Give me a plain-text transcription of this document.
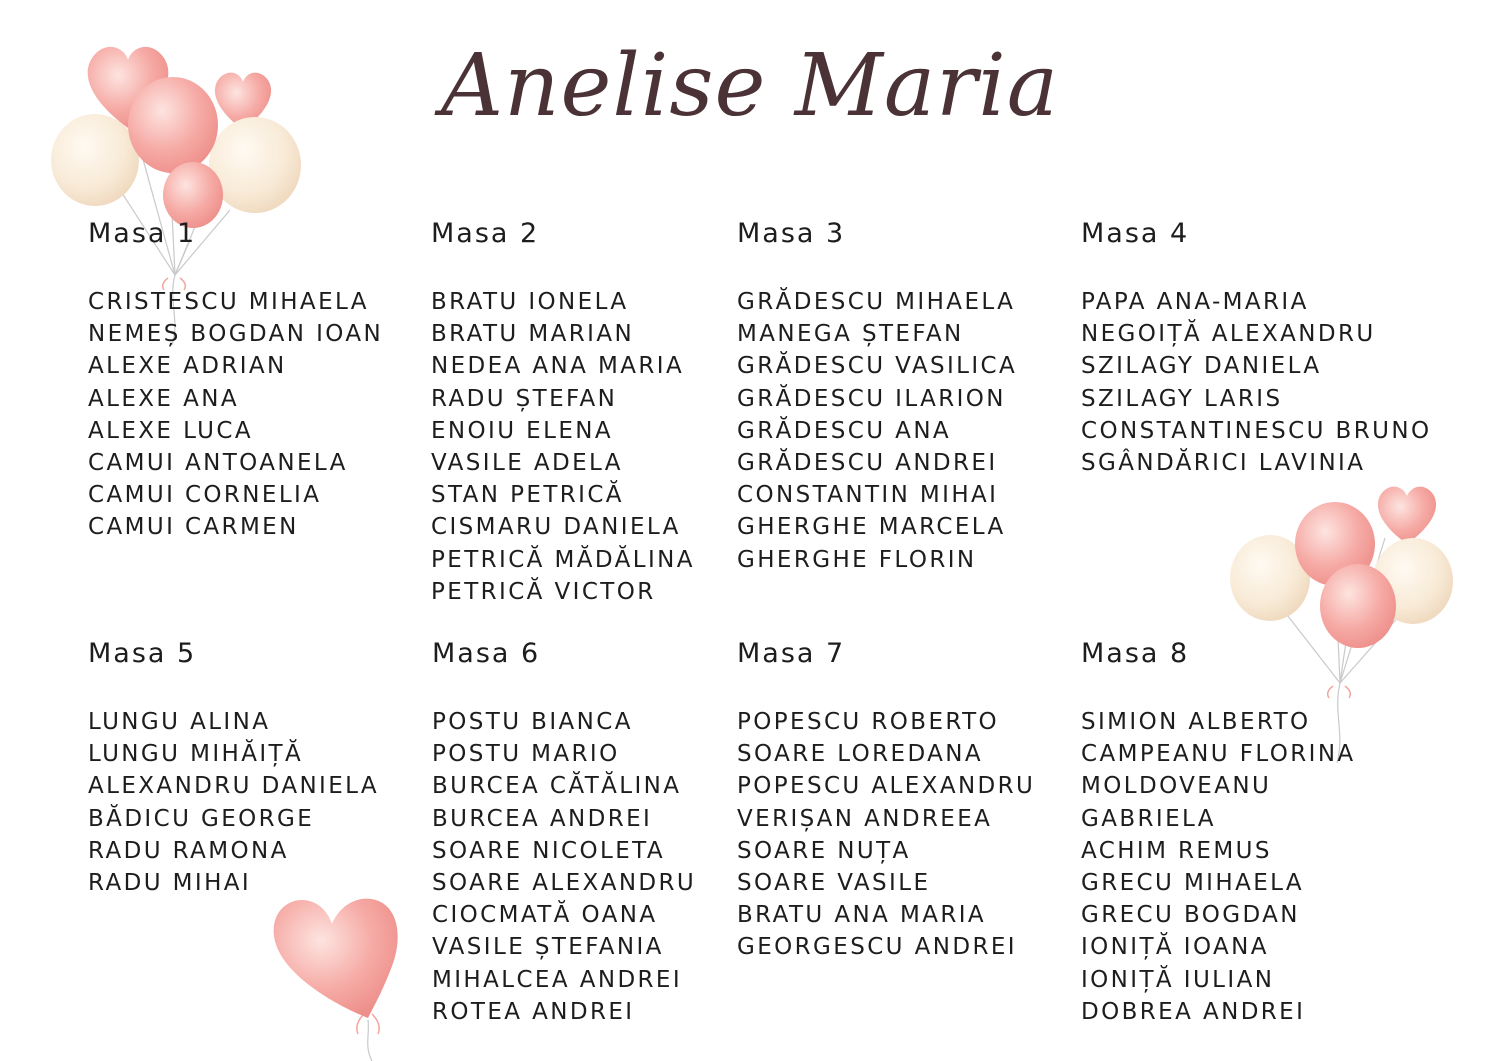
Anelise Maria
Masa 1
CRISTESCU MIHAELA
NEMEȘ BOGDAN IOAN
ALEXE ADRIAN
ALEXE ANA
ALEXE LUCA
CAMUI ANTOANELA
CAMUI CORNELIA
CAMUI CARMEN
Masa 2
BRATU IONELA
BRATU MARIAN
NEDEA ANA MARIA
RADU ȘTEFAN
ENOIU ELENA
VASILE ADELA
STAN PETRICĂ
CISMARU DANIELA
PETRICĂ MĂDĂLINA
PETRICĂ VICTOR
Masa 3
GRĂDESCU MIHAELA
MANEGA ȘTEFAN
GRĂDESCU VASILICA
GRĂDESCU ILARION
GRĂDESCU ANA
GRĂDESCU ANDREI
CONSTANTIN MIHAI
GHERGHE MARCELA
GHERGHE FLORIN
Masa 4
PAPA ANA-MARIA
NEGOIȚĂ ALEXANDRU
SZILAGY DANIELA
SZILAGY LARIS
CONSTANTINESCU BRUNO
SGÂNDĂRICI LAVINIA
Masa 5
LUNGU ALINA
LUNGU MIHĂIȚĂ
ALEXANDRU DANIELA
BĂDICU GEORGE
RADU RAMONA
RADU MIHAI
Masa 6
POSTU BIANCA
POSTU MARIO
BURCEA CĂTĂLINA
BURCEA ANDREI
SOARE NICOLETA
SOARE ALEXANDRU
CIOCMATĂ OANA
VASILE ȘTEFANIA
MIHALCEA ANDREI
ROTEA ANDREI
Masa 7
POPESCU ROBERTO
SOARE LOREDANA
POPESCU ALEXANDRU
VERIȘAN ANDREEA
SOARE NUȚA
SOARE VASILE
BRATU ANA MARIA
GEORGESCU ANDREI
Masa 8
SIMION ALBERTO
CAMPEANU FLORINA
MOLDOVEANU
GABRIELA
ACHIM REMUS
GRECU MIHAELA
GRECU BOGDAN
IONIȚĂ IOANA
IONIȚĂ IULIAN
DOBREA ANDREI
